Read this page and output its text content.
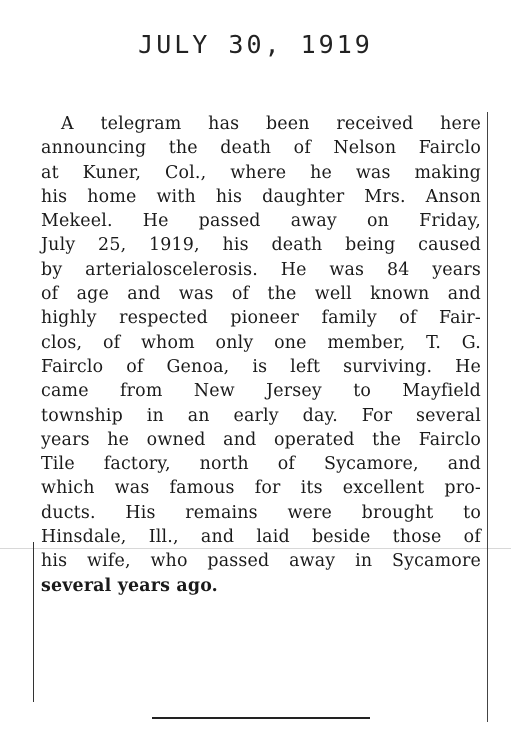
JULY 30, 1919
A telegram has been received here
announcing the death of Nelson Fairclo
at Kuner, Col., where he was making
his home with his daughter Mrs. Anson
Mekeel. He passed away on Friday,
July 25, 1919, his death being caused
by arterialoscelerosis. He was 84 years
of age and was of the well known and
highly respected pioneer family of Fair-
clos, of whom only one member, T. G.
Fairclo of Genoa, is left surviving. He
came from New Jersey to Mayfield
township in an early day. For several
years he owned and operated the Fairclo
Tile factory, north of Sycamore, and
which was famous for its excellent pro-
ducts. His remains were brought to
Hinsdale, Ill., and laid beside those of
his wife, who passed away in Sycamore
several years ago.
